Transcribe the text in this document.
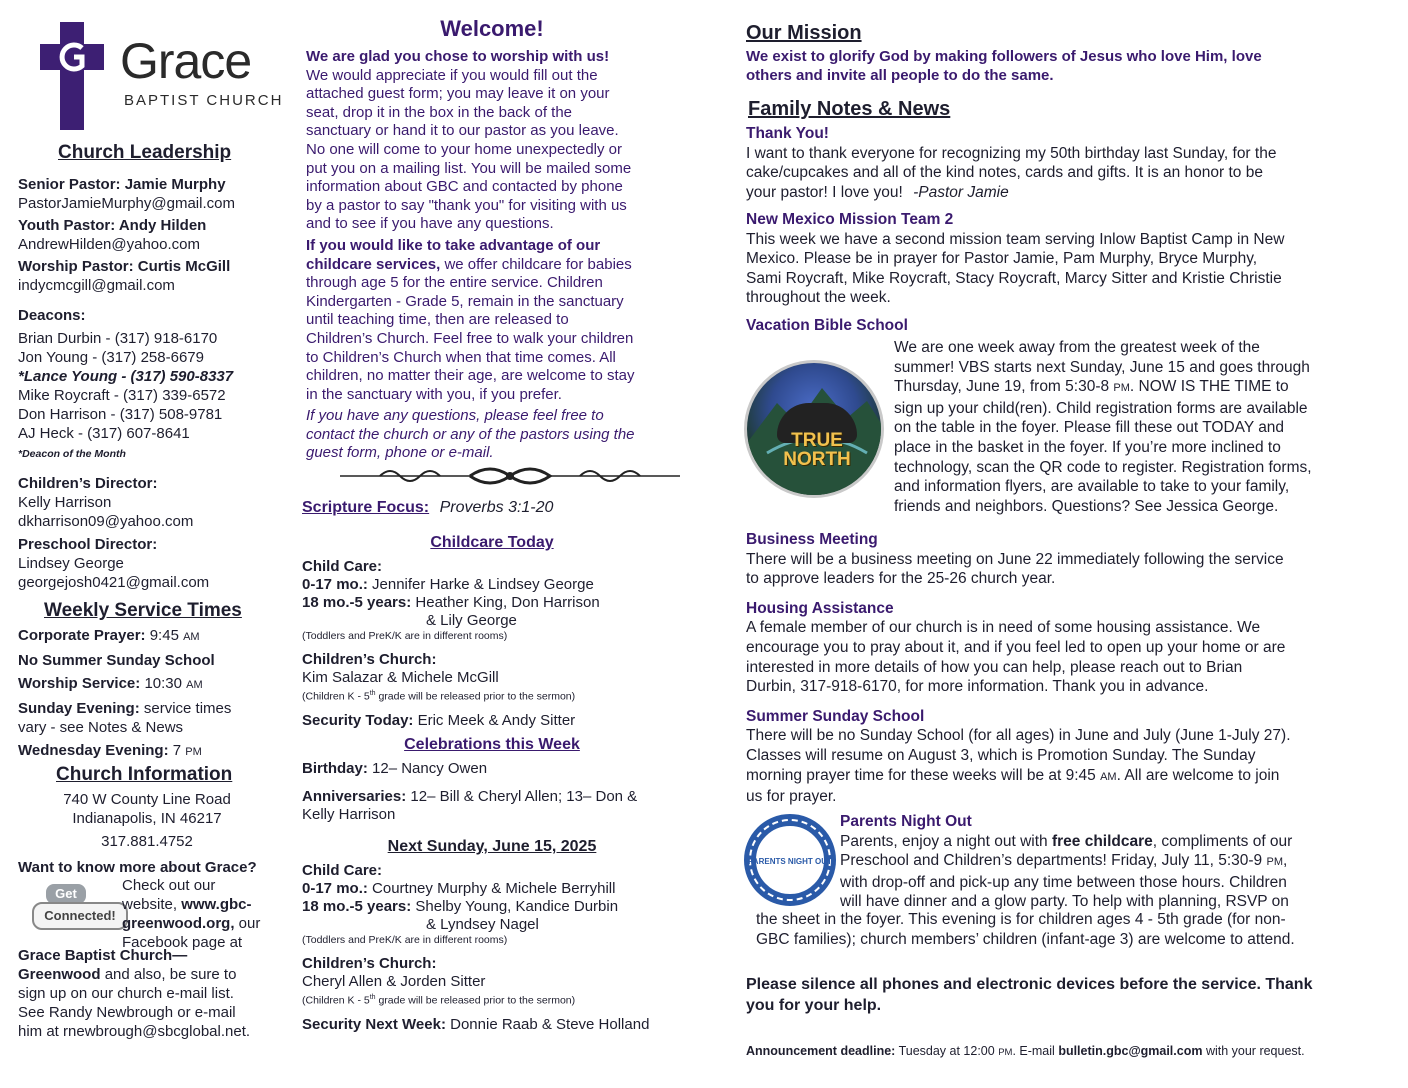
Grace
BAPTIST CHURCH
Church Leadership
Senior Pastor: Jamie Murphy
PastorJamieMurphy@gmail.com
Youth Pastor: Andy Hilden
AndrewHilden@yahoo.com
Worship Pastor: Curtis McGill
indycmcgill@gmail.com
Deacons:
Brian Durbin - (317) 918-6170
Jon Young - (317) 258-6679
*Lance Young - (317) 590-8337
Mike Roycraft - (317) 339-6572
Don Harrison - (317) 508-9781
AJ Heck - (317) 607-8641
*Deacon of the Month
Children’s Director:
Kelly Harrison
dkharrison09@yahoo.com
Preschool Director:
Lindsey George
georgejosh0421@gmail.com
Weekly Service Times
Corporate Prayer: 9:45 AM
No Summer Sunday School
Worship Service: 10:30 AM
Sunday Evening: service times
vary - see Notes & News
Wednesday Evening: 7 PM
Church Information
740 W County Line Road
Indianapolis, IN 46217
317.881.4752
Want to know more about Grace?
Get
Connected!
Check out our
website, www.gbc-
greenwood.org, our
Facebook page at
Grace Baptist Church—
Greenwood and also, be sure to
sign up on our church e-mail list.
See Randy Newbrough or e-mail
him at rnewbrough@sbcglobal.net.
Welcome!
We are glad you chose to worship with us!
We would appreciate if you would fill out the
attached guest form; you may leave it on your
seat, drop it in the box in the back of the
sanctuary or hand it to our pastor as you leave.
No one will come to your home unexpectedly or
put you on a mailing list. You will be mailed some
information about GBC and contacted by phone
by a pastor to say "thank you" for visiting with us
and to see if you have any questions.
If you would like to take advantage of our
childcare services, we offer childcare for babies
through age 5 for the entire service. Children
Kindergarten - Grade 5, remain in the sanctuary
until teaching time, then are released to
Children’s Church. Feel free to walk your children
to Children’s Church when that time comes. All
children, no matter their age, are welcome to stay
in the sanctuary with you, if you prefer.
If you have any questions, please feel free to
contact the church or any of the pastors using the
guest form, phone or e-mail.
Scripture Focus: Proverbs 3:1-20
Childcare Today
Child Care:
0-17 mo.: Jennifer Harke & Lindsey George
18 mo.-5 years: Heather King, Don Harrison
& Lily George
(Toddlers and PreK/K are in different rooms)
Children’s Church:
Kim Salazar & Michele McGill
(Children K - 5th grade will be released prior to the sermon)
Security Today: Eric Meek & Andy Sitter
Celebrations this Week
Birthday: 12– Nancy Owen
Anniversaries: 12– Bill & Cheryl Allen; 13– Don &
Kelly Harrison
Next Sunday, June 15, 2025
Child Care:
0-17 mo.: Courtney Murphy & Michele Berryhill
18 mo.-5 years: Shelby Young, Kandice Durbin
& Lyndsey Nagel
(Toddlers and PreK/K are in different rooms)
Children’s Church:
Cheryl Allen & Jorden Sitter
(Children K - 5th grade will be released prior to the sermon)
Security Next Week: Donnie Raab & Steve Holland
Our Mission
We exist to glorify God by making followers of Jesus who love Him, love
others and invite all people to do the same.
Family Notes & News
Thank You!
I want to thank everyone for recognizing my 50th birthday last Sunday, for the
cake/cupcakes and all of the kind notes, cards and gifts. It is an honor to be
your pastor! I love you! -Pastor Jamie
New Mexico Mission Team 2
This week we have a second mission team serving Inlow Baptist Camp in New
Mexico. Please be in prayer for Pastor Jamie, Pam Murphy, Bryce Murphy,
Sami Roycraft, Mike Roycraft, Stacy Roycraft, Marcy Sitter and Kristie Christie
throughout the week.
Vacation Bible School
TRUE
NORTH
We are one week away from the greatest week of the
summer! VBS starts next Sunday, June 15 and goes through
Thursday, June 19, from 5:30-8 PM. NOW IS THE TIME to
sign up your child(ren). Child registration forms are available
on the table in the foyer. Please fill these out TODAY and
place in the basket in the foyer. If you’re more inclined to
technology, scan the QR code to register. Registration forms,
and information flyers, are available to take to your family,
friends and neighbors. Questions? See Jessica George.
Business Meeting
There will be a business meeting on June 22 immediately following the service
to approve leaders for the 25-26 church year.
Housing Assistance
A female member of our church is in need of some housing assistance. We
encourage you to pray about it, and if you feel led to open up your home or are
interested in more details of how you can help, please reach out to Brian
Durbin, 317-918-6170, for more information. Thank you in advance.
Summer Sunday School
There will be no Sunday School (for all ages) in June and July (June 1-July 27).
Classes will resume on August 3, which is Promotion Sunday. The Sunday
morning prayer time for these weeks will be at 9:45 AM. All are welcome to join
us for prayer.
PARENTS NIGHT OUT
Parents Night Out
Parents, enjoy a night out with free childcare, compliments of our
Preschool and Children’s departments! Friday, July 11, 5:30-9 PM,
with drop-off and pick-up any time between those hours. Children
will have dinner and a glow party. To help with planning, RSVP on
the sheet in the foyer. This evening is for children ages 4 - 5th grade (for non-
GBC families); church members’ children (infant-age 3) are welcome to attend.
Please silence all phones and electronic devices before the service. Thank
you for your help.
Announcement deadline: Tuesday at 12:00 PM. E-mail bulletin.gbc@gmail.com with your request.
